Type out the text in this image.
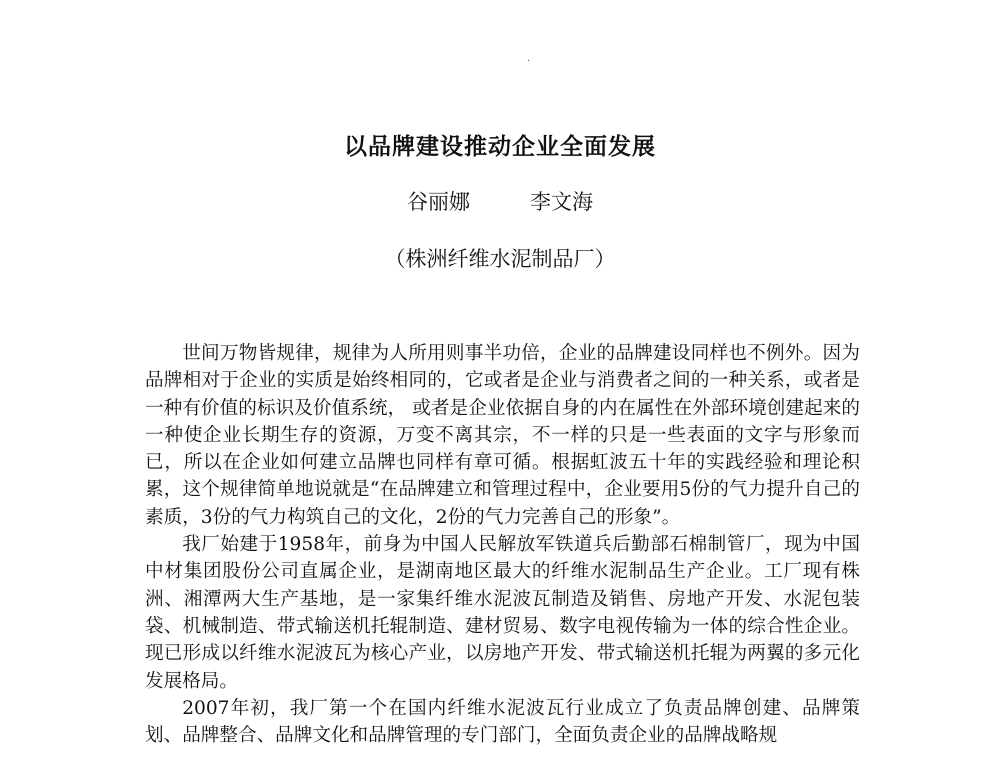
·
以品牌建设推动企业全面发展
谷丽娜	李文海
（株洲纤维水泥制品厂）

世间万物皆规律，规律为人所用则事半功倍，企业的品牌建设同样也不例外。因为品牌相对于企业的实质是始终相同的，它或者是企业与消费者之间的一种关系，或者是一种有价值的标识及价值系统， 或者是企业依据自身的内在属性在外部环境创建起来的一种使企业长期生存的资源，万变不离其宗，不一样的只是一些表面的文字与形象而已，所以在企业如何建立品牌也同样有章可循。根据虹波五十年的实践经验和理论积累，这个规律简单地说就是“在品牌建立和管理过程中，企业要用5份的气力提升自己的素质，3份的气力构筑自己的文化，2份的气力完善自己的形象”。

我厂始建于1958年，前身为中国人民解放军铁道兵后勤部石棉制管厂，现为中国中材集团股份公司直属企业，是湖南地区最大的纤维水泥制品生产企业。工厂现有株洲、湘潭两大生产基地，是一家集纤维水泥波瓦制造及销售、房地产开发、水泥包装袋、机械制造、带式输送机托辊制造、建材贸易、数字电视传输为一体的综合性企业。现已形成以纤维水泥波瓦为核心产业，以房地产开发、带式输送机托辊为两翼的多元化发展格局。

2007年初，我厂第一个在国内纤维水泥波瓦行业成立了负责品牌创建、品牌策划、品牌整合、品牌文化和品牌管理的专门部门，全面负责企业的品牌战略规
